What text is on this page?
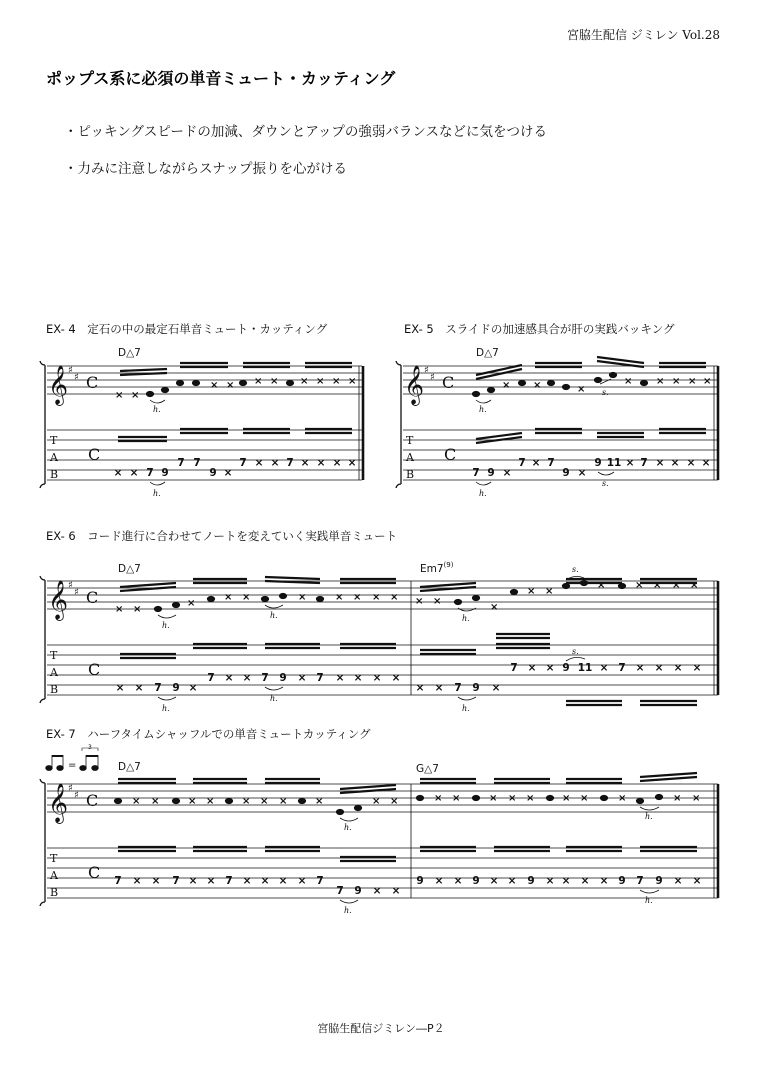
宮脇生配信 ジミレン Vol.28
ポップス系に必須の単音ミュート・カッティング
・ピッキングスピードの加減、ダウンとアップの強弱バランスなどに気をつける
・力みに注意しながらスナップ振りを心がける
EX- 4　定石の中の最定石単音ミュート・カッティング	EX- 5　スライドの加速感具合が肝の実践バッキング
EX- 6　コード進行に合わせてノートを変えていく実践単音ミュート
EX- 7　ハーフタイムシャッフルでの単音ミュートカッティング
D△7
𝄞 ♯
♯ C
× ×
× × × × × × × ×
h.
T
A
B
C
× × 7 9
7 7
9 ×
7 × × 7 × × × ×
h.
D△7
𝄞 ♯
♯ C	× ×	×
× × × × ×
h.
s.
T
A
B
C
7 9 ×
7 × 7
9 ×
9 11 × 7 × × × ×
h.
s.
D△7	Em7$^{(9)}$
𝄞 ♯
♯ C
× ×
×
× ×	×	× × × × × ×
×
× ×
×	× × × ×
h.
h.	h.
s.
T
A
B
C
× × 7 9 ×
7 × × 7 9 × 7 × × × ×
× × 7 9 ×
7 × × 9 11 × 7 × × × ×
h.
h.
h.
s.
=
3
D△7	G△7
𝄞 ♯
♯ C	× ×	× ×	× × ×	×	× ×	× ×	× × ×	× ×	×	× ×
h.
h.
T
A
B
C 7 × × 7 × × 7 × × × × 7
7 9 × ×
9 × × 9 × × 9 × × × × 9 7 9 × ×
h.
h.
宮脇生配信ジミレン―P２
